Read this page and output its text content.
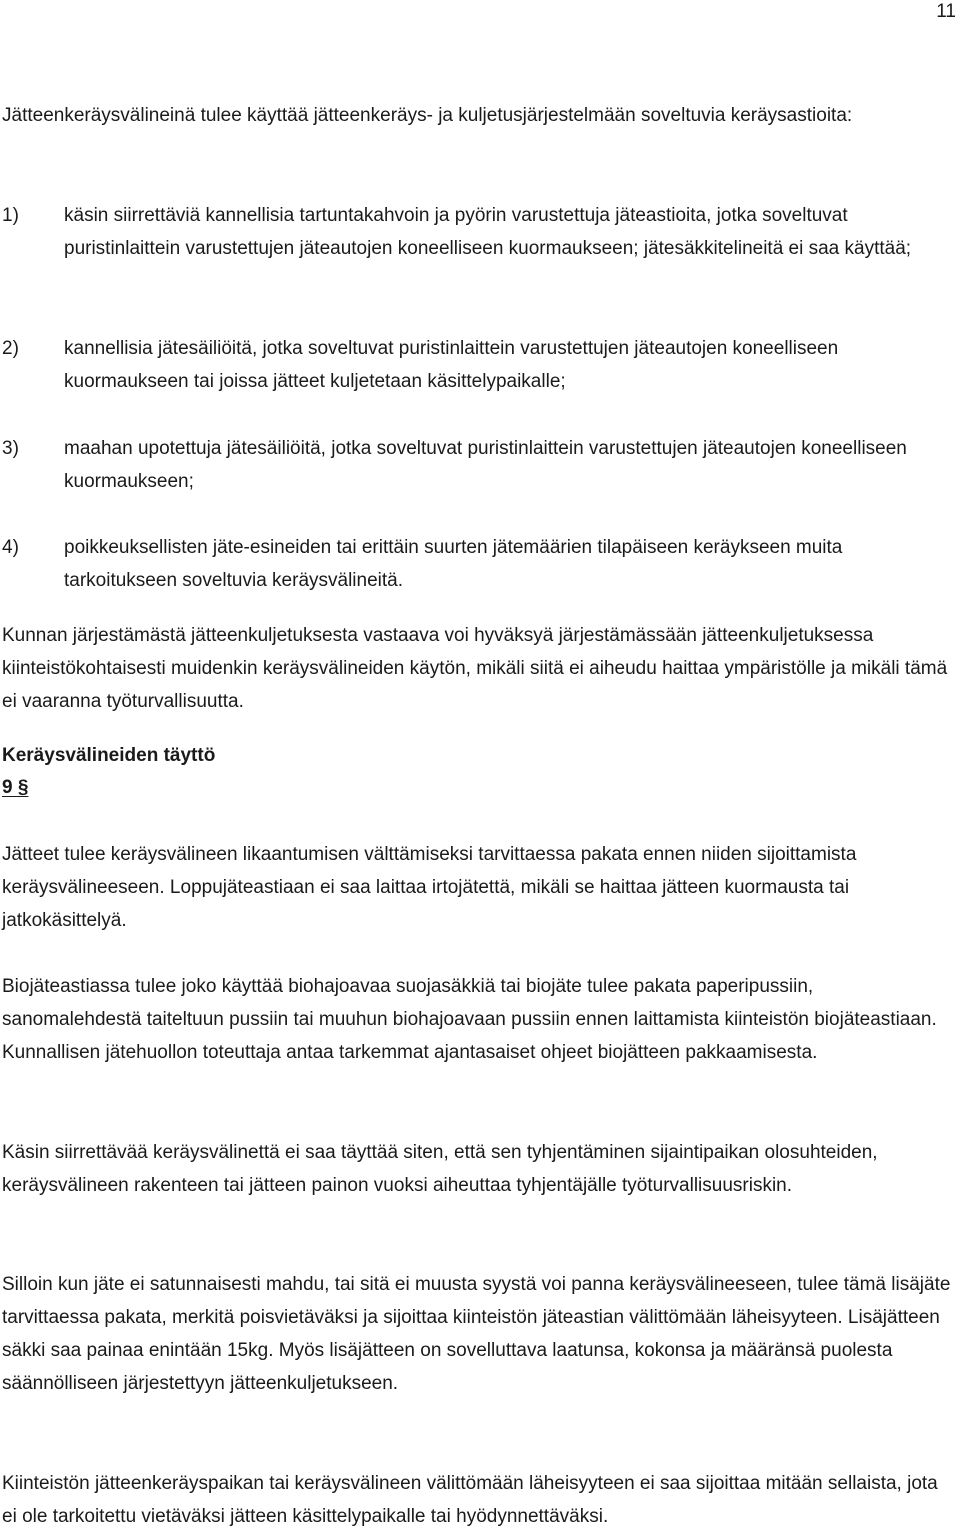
11

Jätteenkeräysvälineinä tulee käyttää jätteenkeräys- ja kuljetusjärjestelmään soveltuvia keräysastioita:

1) käsin siirrettäviä kannellisia tartuntakahvoin ja pyörin varustettuja jäteastioita, jotka soveltuvat puristinlaittein varustettujen jäteautojen koneelliseen kuormaukseen; jätesäkkitelineitä ei saa käyttää;
2) kannellisia jätesäiliöitä, jotka soveltuvat puristinlaittein varustettujen jäteautojen koneelliseen kuormaukseen tai joissa jätteet kuljetetaan käsittelypaikalle;
3) maahan upotettuja jätesäiliöitä, jotka soveltuvat puristinlaittein varustettujen jäteautojen koneelliseen kuormaukseen;
4) poikkeuksellisten jäte-esineiden tai erittäin suurten jätemäärien tilapäiseen keräykseen muita tarkoitukseen soveltuvia keräysvälineitä.

Kunnan järjestämästä jätteenkuljetuksesta vastaava voi hyväksyä järjestämässään jätteenkuljetuksessa kiinteistökohtaisesti muidenkin keräysvälineiden käytön, mikäli siitä ei aiheudu haittaa ympäristölle ja mikäli tämä ei vaaranna työturvallisuutta.

Keräysvälineiden täyttö
9 §

Jätteet tulee keräysvälineen likaantumisen välttämiseksi tarvittaessa pakata ennen niiden sijoittamista keräysvälineeseen. Loppujäteastiaan ei saa laittaa irtojätettä, mikäli se haittaa jätteen kuormausta tai jatkokäsittelyä.

Biojäteastiassa tulee joko käyttää biohajoavaa suojasäkkiä tai biojäte tulee pakata paperipussiin, sanomalehdestä taiteltuun pussiin tai muuhun biohajoavaan pussiin ennen laittamista kiinteistön biojäteastiaan. Kunnallisen jätehuollon toteuttaja antaa tarkemmat ajantasaiset ohjeet biojätteen pakkaamisesta.

Käsin siirrettävää keräysvälinettä ei saa täyttää siten, että sen tyhjentäminen sijaintipaikan olosuhteiden, keräysvälineen rakenteen tai jätteen painon vuoksi aiheuttaa tyhjentäjälle työturvallisuusriskin.

Silloin kun jäte ei satunnaisesti mahdu, tai sitä ei muusta syystä voi panna keräysvälineeseen, tulee tämä lisäjäte tarvittaessa pakata, merkitä poisvietäväksi ja sijoittaa kiinteistön jäteastian välittömään läheisyyteen. Lisäjätteen säkki saa painaa enintään 15kg. Myös lisäjätteen on sovelluttava laatunsa, kokonsa ja määränsä puolesta säännölliseen järjestettyyn jätteenkuljetukseen.

Kiinteistön jätteenkeräyspaikan tai keräysvälineen välittömään läheisyyteen ei saa sijoittaa mitään sellaista, jota ei ole tarkoitettu vietäväksi jätteen käsittelypaikalle tai hyödynnettäväksi.
